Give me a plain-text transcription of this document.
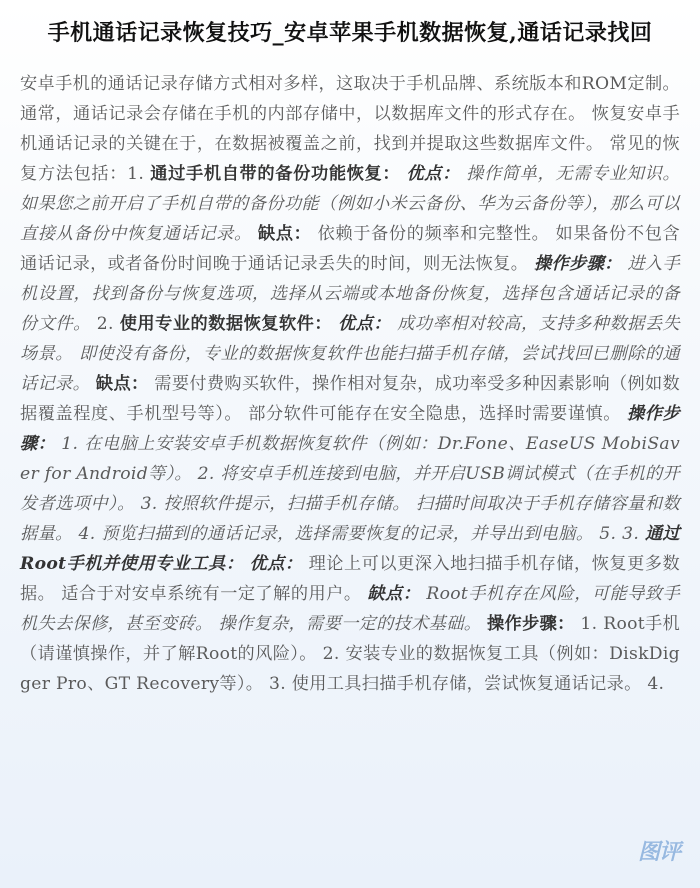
手机通话记录恢复技巧_安卓苹果手机数据恢复,通话记录找回
安卓手机的通话记录存储方式相对多样，这取决于手机品牌、系统版本和ROM定制。 通常，通话记录会存储在手机的内部存储中，以数据库文件的形式存在。 恢复安卓手机通话记录的关键在于，在数据被覆盖之前，找到并提取这些数据库文件。 常见的恢复方法包括：1. 通过手机自带的备份功能恢复： 优点： 操作简单，无需专业知识。 如果您之前开启了手机自带的备份功能（例如小米云备份、华为云备份等），那么可以直接从备份中恢复通话记录。 缺点： 依赖于备份的频率和完整性。 如果备份不包含通话记录，或者备份时间晚于通话记录丢失的时间，则无法恢复。 操作步骤： 进入手机设置，找到备份与恢复选项，选择从云端或本地备份恢复，选择包含通话记录的备份文件。 2. 使用专业的数据恢复软件： 优点： 成功率相对较高，支持多种数据丢失场景。 即使没有备份，专业的数据恢复软件也能扫描手机存储，尝试找回已删除的通话记录。 缺点： 需要付费购买软件，操作相对复杂，成功率受多种因素影响（例如数据覆盖程度、手机型号等）。 部分软件可能存在安全隐患，选择时需要谨慎。 操作步骤： 1. 在电脑上安装安卓手机数据恢复软件（例如：Dr.Fone、EaseUS MobiSaver for Android等）。 2. 将安卓手机连接到电脑，并开启USB调试模式（在手机的开发者选项中）。 3. 按照软件提示，扫描手机存储。 扫描时间取决于手机存储容量和数据量。 4. 预览扫描到的通话记录，选择需要恢复的记录，并导出到电脑。 5. 3. 通过Root手机并使用专业工具： 优点： 理论上可以更深入地扫描手机存储，恢复更多数据。 适合于对安卓系统有一定了解的用户。 缺点： Root手机存在风险，可能导致手机失去保修，甚至变砖。 操作复杂，需要一定的技术基础。 操作步骤： 1. Root手机（请谨慎操作，并了解Root的风险）。 2. 安装专业的数据恢复工具（例如：DiskDigger Pro、GT Recovery等）。 3. 使用工具扫描手机存储，尝试恢复通话记录。 4.
图评
